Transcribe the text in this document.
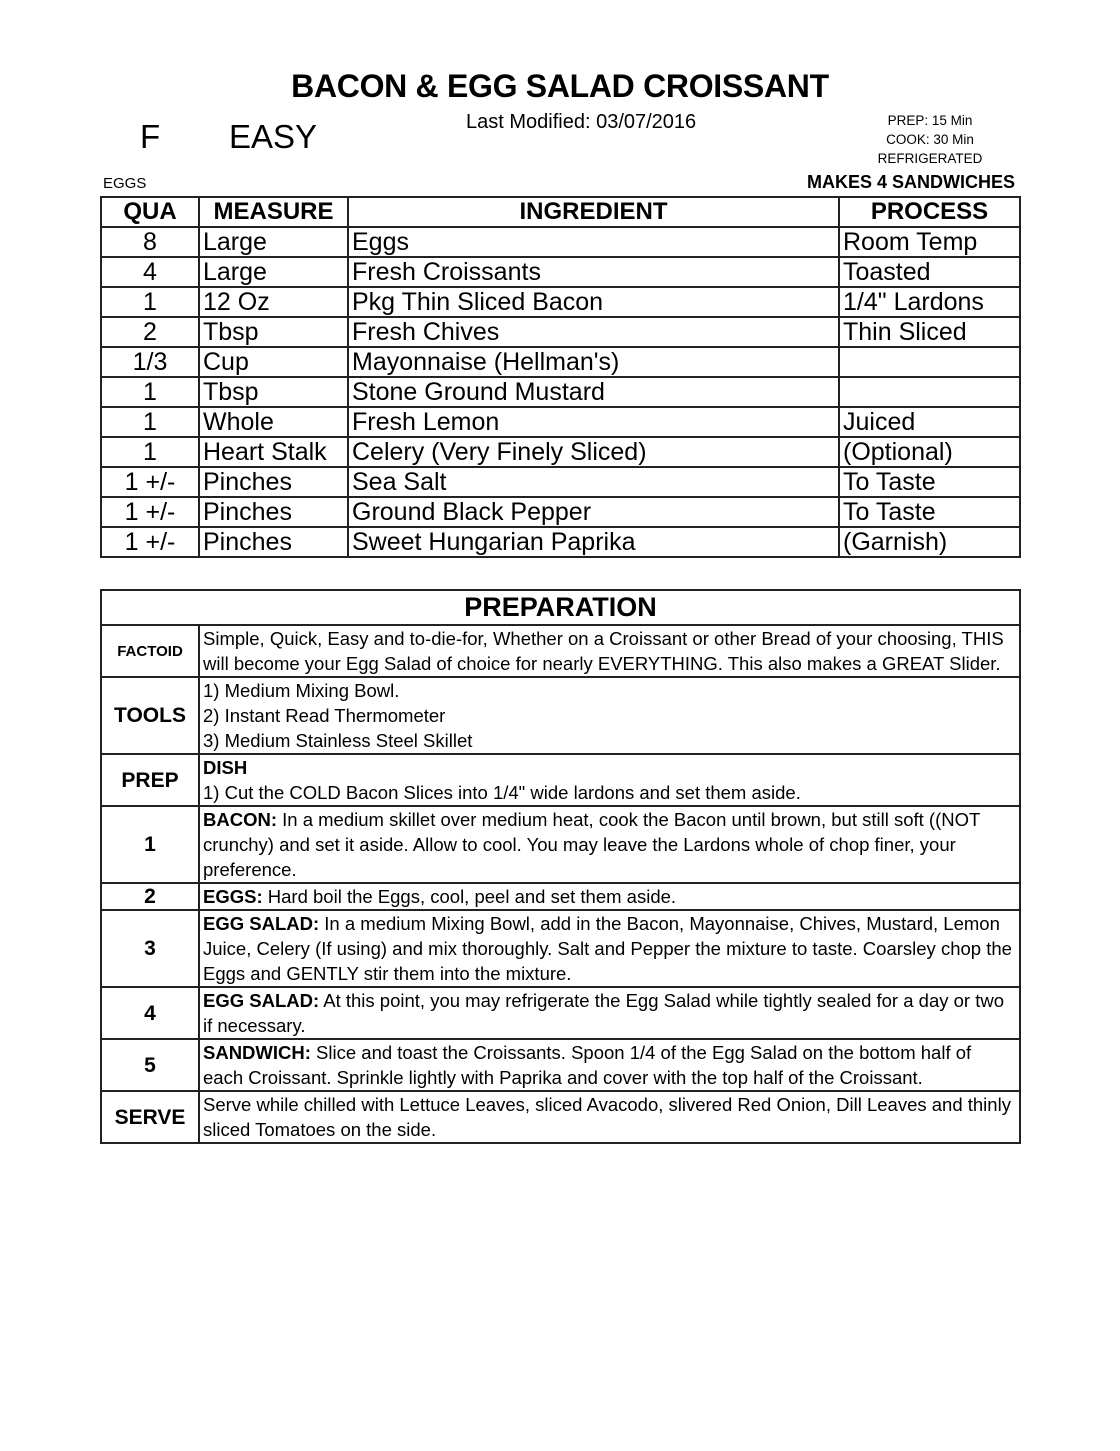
BACON & EGG SALAD CROISSANT
F EASY	Last Modified: 03/07/2016	PREP: 15 Min
COOK: 30 Min
REFRIGERATED
EGGS	MAKES 4 SANDWICHES
QUA	MEASURE	INGREDIENT	PROCESS
8	Large	Eggs	Room Temp
4	Large	Fresh Croissants	Toasted
1	12 Oz	Pkg Thin Sliced Bacon	1/4" Lardons
2	Tbsp	Fresh Chives	Thin Sliced
1/3	Cup	Mayonnaise (Hellman's)	
1	Tbsp	Stone Ground Mustard	
1	Whole	Fresh Lemon	Juiced
1	Heart Stalk	Celery (Very Finely Sliced)	(Optional)
1 +/-	Pinches	Sea Salt	To Taste
1 +/-	Pinches	Ground Black Pepper	To Taste
1 +/-	Pinches	Sweet Hungarian Paprika	(Garnish)
PREPARATION	
FACTOID	Simple, Quick, Easy and to-die-for, Whether on a Croissant or other Bread of your choosing, THIS will become your Egg Salad of choice for nearly EVERYTHING. This also makes a GREAT Slider.
TOOLS	1) Medium Mixing Bowl.
2) Instant Read Thermometer
3) Medium Stainless Steel Skillet

PREP	DISH
1) Cut the COLD Bacon Slices into 1/4" wide lardons and set them aside.

1	BACON: In a medium skillet over medium heat, cook the Bacon until brown, but still soft ((NOT crunchy) and set it aside. Allow to cool. You may leave the Lardons whole of chop finer, your preference.
2	EGGS: Hard boil the Eggs, cool, peel and set them aside.
3	EGG SALAD: In a medium Mixing Bowl, add in the Bacon, Mayonnaise, Chives, Mustard, Lemon Juice, Celery (If using) and mix thoroughly. Salt and Pepper the mixture to taste. Coarsley chop the Eggs and GENTLY stir them into the mixture.
4	EGG SALAD: At this point, you may refrigerate the Egg Salad while tightly sealed for a day or two if necessary.
5	SANDWICH: Slice and toast the Croissants. Spoon 1/4 of the Egg Salad on the bottom half of each Croissant. Sprinkle lightly with Paprika and cover with the top half of the Croissant.
SERVE	Serve while chilled with Lettuce Leaves, sliced Avacodo, slivered Red Onion, Dill Leaves and thinly sliced Tomatoes on the side.
